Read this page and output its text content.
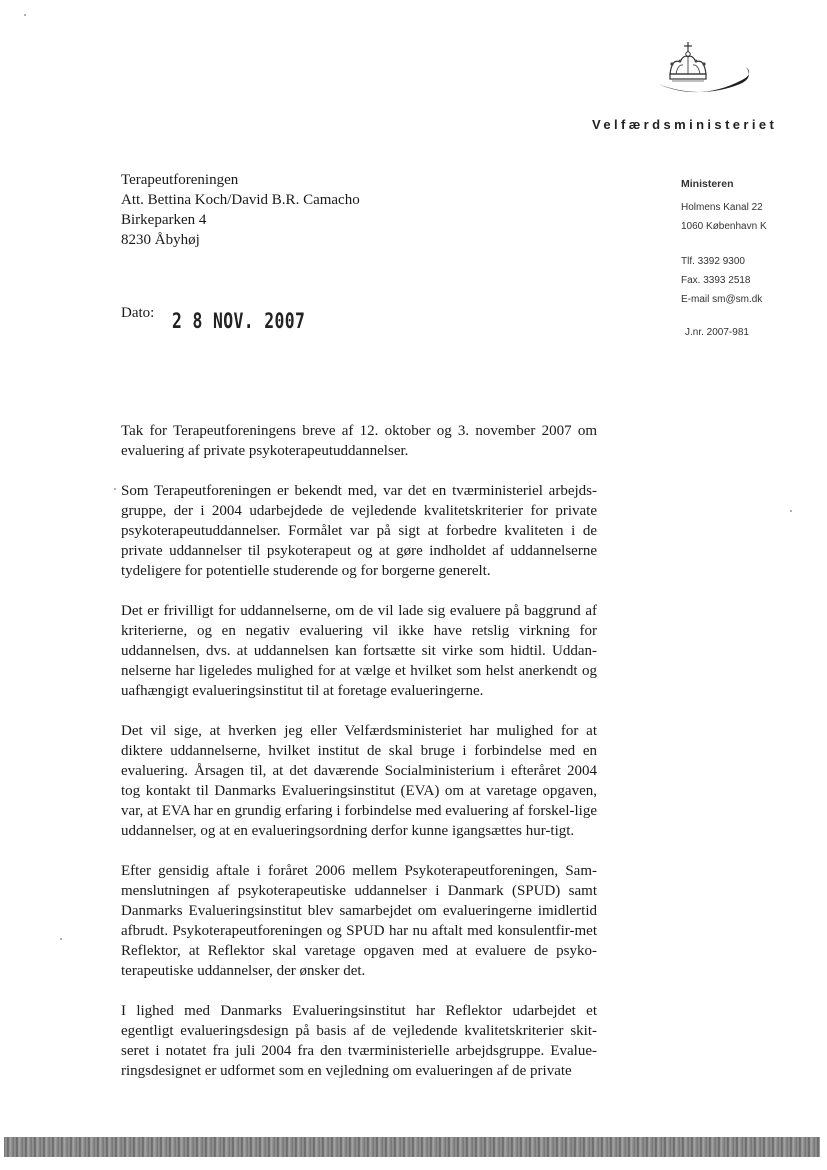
Velfærdsministeriet
Terapeutforeningen
Att. Bettina Koch/David B.R. Camacho
Birkeparken 4
8230 Åbyhøj
Ministeren
Holmens Kanal 22
1060 København K
Tlf. 3392 9300
Fax. 3393 2518
E-mail sm@sm.dk
J.nr. 2007-981
Dato: 2 8 NOV. 2007

Tak for Terapeutforeningens breve af 12. oktober og 3. november 2007 om evaluering af private psykoterapeutuddannelser.

Som Terapeutforeningen er bekendt med, var det en tværministeriel arbejds-gruppe, der i 2004 udarbejdede de vejledende kvalitetskriterier for private psykoterapeutuddannelser. Formålet var på sigt at forbedre kvaliteten i de private uddannelser til psykoterapeut og at gøre indholdet af uddannelserne tydeligere for potentielle studerende og for borgerne generelt.

Det er frivilligt for uddannelserne, om de vil lade sig evaluere på baggrund af kriterierne, og en negativ evaluering vil ikke have retslig virkning for uddannelsen, dvs. at uddannelsen kan fortsætte sit virke som hidtil. Uddan-nelserne har ligeledes mulighed for at vælge et hvilket som helst anerkendt og uafhængigt evalueringsinstitut til at foretage evalueringerne.

Det vil sige, at hverken jeg eller Velfærdsministeriet har mulighed for at diktere uddannelserne, hvilket institut de skal bruge i forbindelse med en evaluering. Årsagen til, at det daværende Socialministerium i efteråret 2004 tog kontakt til Danmarks Evalueringsinstitut (EVA) om at varetage opgaven, var, at EVA har en grundig erfaring i forbindelse med evaluering af forskel-lige uddannelser, og at en evalueringsordning derfor kunne igangsættes hur-tigt.

Efter gensidig aftale i foråret 2006 mellem Psykoterapeutforeningen, Sam-menslutningen af psykoterapeutiske uddannelser i Danmark (SPUD) samt Danmarks Evalueringsinstitut blev samarbejdet om evalueringerne imidlertid afbrudt. Psykoterapeutforeningen og SPUD har nu aftalt med konsulentfir-met Reflektor, at Reflektor skal varetage opgaven med at evaluere de psyko-terapeutiske uddannelser, der ønsker det.

I lighed med Danmarks Evalueringsinstitut har Reflektor udarbejdet et egentligt evalueringsdesign på basis af de vejledende kvalitetskriterier skit-seret i notatet fra juli 2004 fra den tværministerielle arbejdsgruppe. Evalue-ringsdesignet er udformet som en vejledning om evalueringen af de private
